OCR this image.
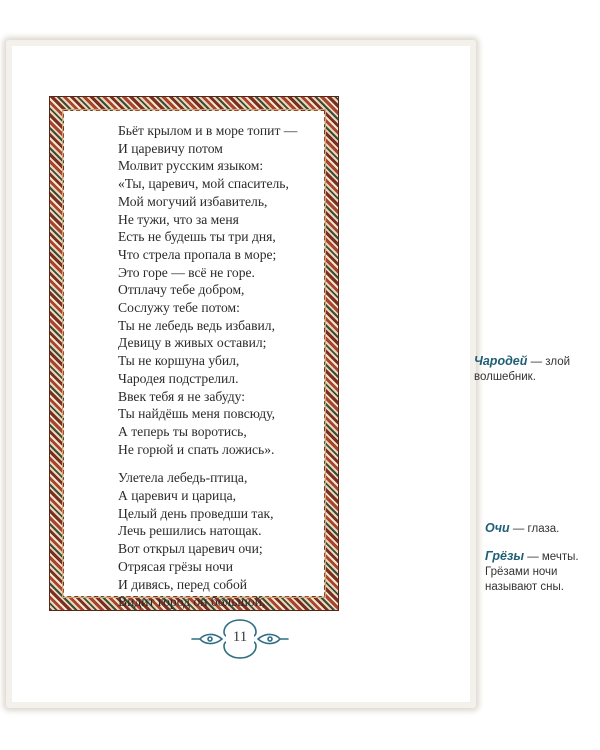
Бьёт крылом и в море топит —
И царевичу потом
Молвит русским языком:
«Ты, царевич, мой спаситель,
Мой могучий избавитель,
Не тужи, что за меня
Есть не будешь ты три дня,
Что стрела пропала в море;
Это горе — всё не горе.
Отплачу тебе добром,
Сослужу тебе потом:
Ты не лебедь ведь избавил,
Девицу в живых оставил;
Ты не коршуна убил,
Чародея подстрелил.
Ввек тебя я не забуду:
Ты найдёшь меня повсюду,
А теперь ты воротись,
Не горюй и спать ложись».
Улетела лебедь-птица,
А царевич и царица,
Целый день проведши так,
Лечь решились натощак.
Вот открыл царевич очи;
Отрясая грёзы ночи
И дивясь, перед собой
Видит город он большой,
11
Чародей — злой
волшебник.
Очи — глаза.
Грёзы — мечты.
Грёзами ночи
называют сны.
